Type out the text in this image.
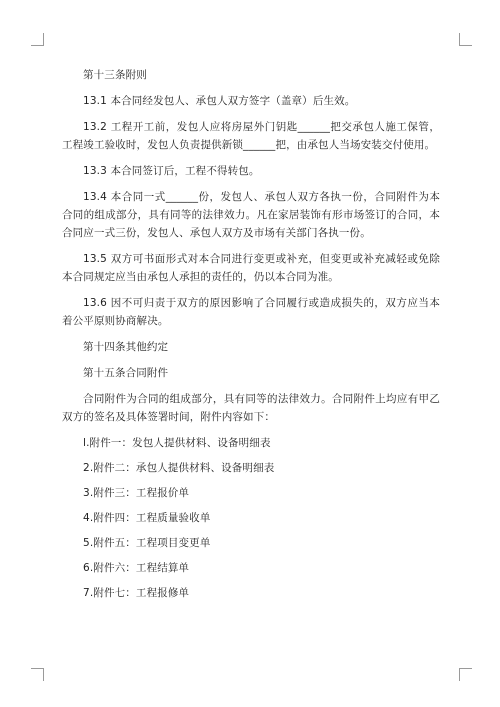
第十三条附则

13.1 本合同经发包人、承包人双方签字（盖章）后生效。

13.2 工程开工前，发包人应将房屋外门钥匙______把交承包人施工保管，工程竣工验收时，发包人负责提供新锁______把，由承包人当场安装交付使用。

13.3 本合同签订后，工程不得转包。

13.4 本合同一式______份，发包人、承包人双方各执一份，合同附件为本合同的组成部分，具有同等的法律效力。凡在家居装饰有形市场签订的合同，本合同应一式三份，发包人、承包人双方及市场有关部门各执一份。

13.5 双方可书面形式对本合同进行变更或补充，但变更或补充减轻或免除本合同规定应当由承包人承担的责任的，仍以本合同为准。

13.6 因不可归责于双方的原因影响了合同履行或造成损失的，双方应当本着公平原则协商解决。

第十四条其他约定

第十五条合同附件

合同附件为合同的组成部分，具有同等的法律效力。合同附件上均应有甲乙双方的签名及具体签署时间，附件内容如下：

l.附件一：发包人提供材料、设备明细表

2.附件二：承包人提供材料、设备明细表

3.附件三：工程报价单

4.附件四：工程质量验收单

5.附件五：工程项目变更单

6.附件六：工程结算单

7.附件七：工程报修单
